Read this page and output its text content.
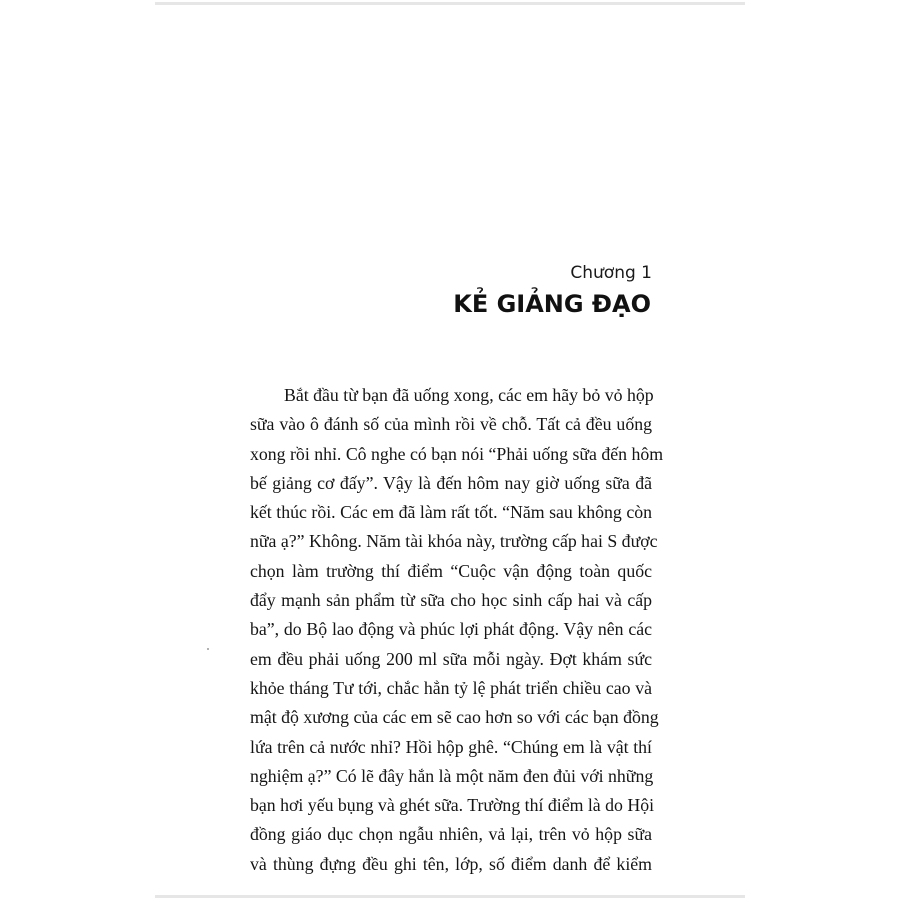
Chương 1
KẺ GIẢNG ĐẠO
Bắt đầu từ bạn đã uống xong, các em hãy bỏ vỏ hộp
sữa vào ô đánh số của mình rồi về chỗ. Tất cả đều uống
xong rồi nhỉ. Cô nghe có bạn nói “Phải uống sữa đến hôm
bế giảng cơ đấy”. Vậy là đến hôm nay giờ uống sữa đã
kết thúc rồi. Các em đã làm rất tốt. “Năm sau không còn
nữa ạ?” Không. Năm tài khóa này, trường cấp hai S được
chọn làm trường thí điểm “Cuộc vận động toàn quốc
đẩy mạnh sản phẩm từ sữa cho học sinh cấp hai và cấp
ba”, do Bộ lao động và phúc lợi phát động. Vậy nên các
em đều phải uống 200 ml sữa mỗi ngày. Đợt khám sức
khỏe tháng Tư tới, chắc hẳn tỷ lệ phát triển chiều cao và
mật độ xương của các em sẽ cao hơn so với các bạn đồng
lứa trên cả nước nhỉ? Hồi hộp ghê. “Chúng em là vật thí
nghiệm ạ?” Có lẽ đây hắn là một năm đen đủi với những
bạn hơi yếu bụng và ghét sữa. Trường thí điểm là do Hội
đồng giáo dục chọn ngẫu nhiên, vả lại, trên vỏ hộp sữa
và thùng đựng đều ghi tên, lớp, số điểm danh để kiểm
